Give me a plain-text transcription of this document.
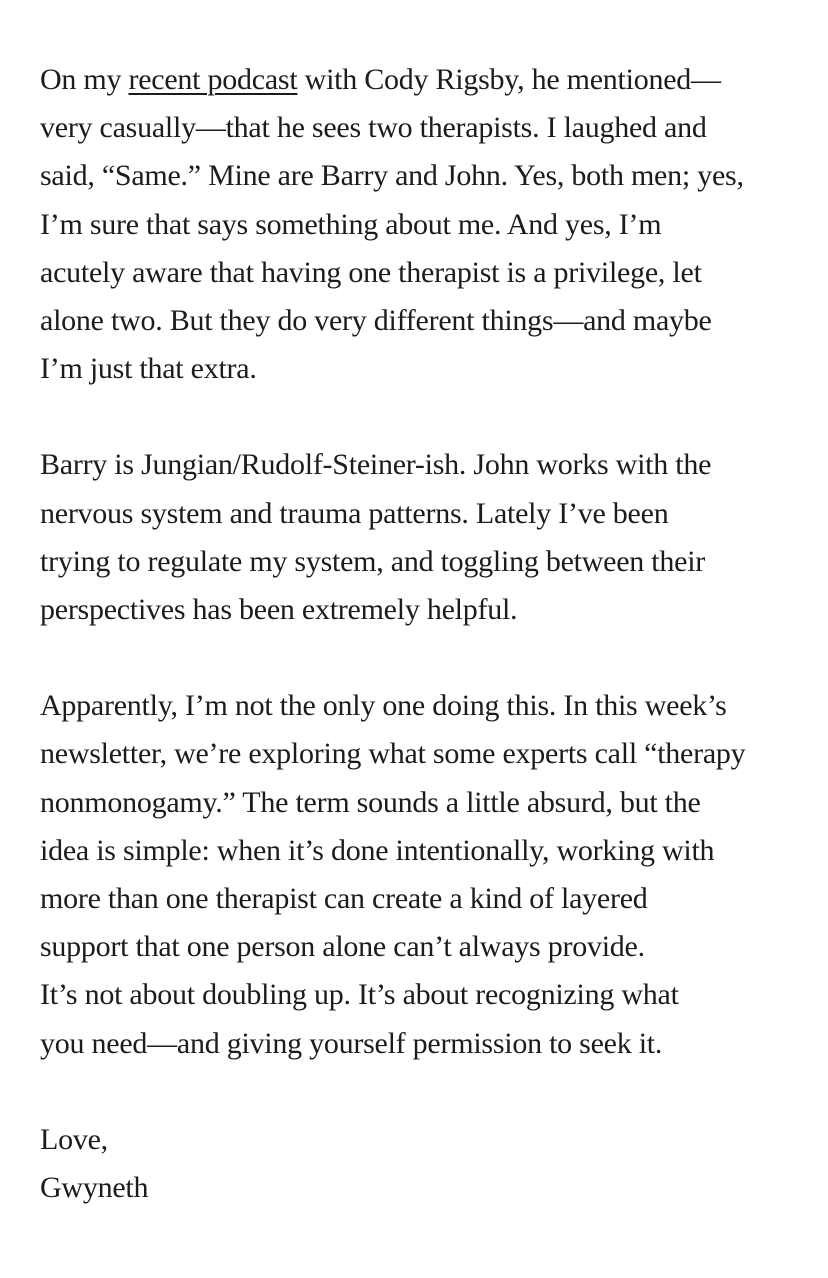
On my recent podcast with Cody Rigsby, he mentioned—
very casually—that he sees two therapists. I laughed and
said, “Same.” Mine are Barry and John. Yes, both men; yes,
I’m sure that says something about me. And yes, I’m
acutely aware that having one therapist is a privilege, let
alone two. But they do very different things—and maybe
I’m just that extra.

Barry is Jungian/Rudolf-Steiner-ish. John works with the
nervous system and trauma patterns. Lately I’ve been
trying to regulate my system, and toggling between their
perspectives has been extremely helpful.

Apparently, I’m not the only one doing this. In this week’s
newsletter, we’re exploring what some experts call “therapy
nonmonogamy.” The term sounds a little absurd, but the
idea is simple: when it’s done intentionally, working with
more than one therapist can create a kind of layered
support that one person alone can’t always provide.
It’s not about doubling up. It’s about recognizing what
you need—and giving yourself permission to seek it.

Love,
Gwyneth
